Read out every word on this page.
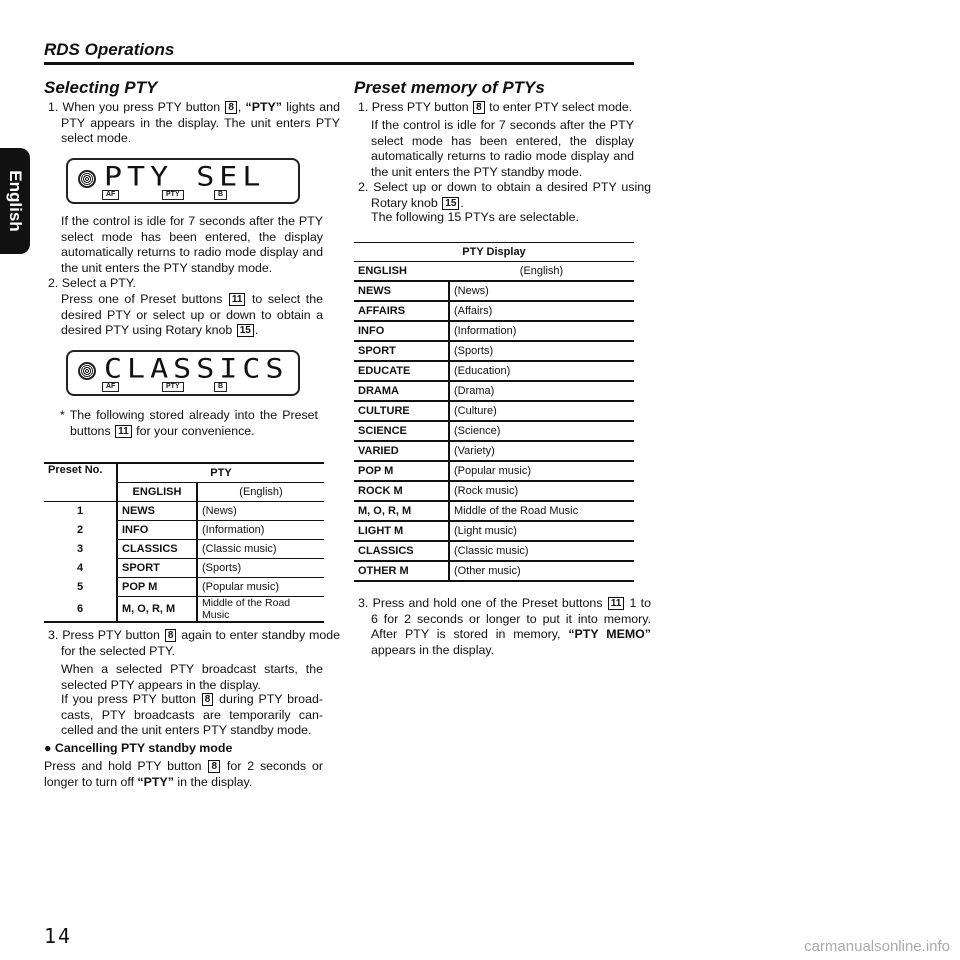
RDS Operations
English
Selecting PTY
1. When you press PTY button 8 , “PTY” lights and PTY appears in the display. The unit enters PTY select mode.
PTY SEL
AF	PTY	B
If the control is idle for 7 seconds after the PTY select mode has been entered, the display automatically returns to radio mode display and the unit enters the PTY standby mode.
2. Select a PTY.
Press one of Preset buttons 11 to select the desired PTY or select up or down to obtain a desired PTY using Rotary knob 15 .
CLASSICS
AF	PTY	B
* The following stored already into the Preset buttons 11 for your convenience.
Preset No.	PTY	
	ENGLISH	(English)
1	NEWS	(News)
2	INFO	(Information)
3	CLASSICS	(Classic music)
4	SPORT	(Sports)
5	POP M	(Popular music)
6	M, O, R, M	Middle of the Road Music
3. Press PTY button 8 again to enter standby mode for the selected PTY.
When a selected PTY broadcast starts, the selected PTY appears in the display.
If you press PTY button 8 during PTY broad-casts, PTY broadcasts are temporarily can-celled and the unit enters PTY standby mode.
● Cancelling PTY standby mode
Press and hold PTY button 8 for 2 seconds or longer to turn off “PTY” in the display.
Preset memory of PTYs
1. Press PTY button 8 to enter PTY select mode.
If the control is idle for 7 seconds after the PTY select mode has been entered, the display automatically returns to radio mode display and the unit enters the PTY standby mode.
2. Select up or down to obtain a desired PTY using Rotary knob 15 .
The following 15 PTYs are selectable.
PTY Display	
ENGLISH	(English)
NEWS	(News)
AFFAIRS	(Affairs)
INFO	(Information)
SPORT	(Sports)
EDUCATE	(Education)
DRAMA	(Drama)
CULTURE	(Culture)
SCIENCE	(Science)
VARIED	(Variety)
POP M	(Popular music)
ROCK M	(Rock music)
M, O, R, M	Middle of the Road Music
LIGHT M	(Light music)
CLASSICS	(Classic music)
OTHER M	(Other music)
3. Press and hold one of the Preset buttons 11 1 to 6 for 2 seconds or longer to put it into memory. After PTY is stored in memory, “PTY MEMO” appears in the display.
14	carmanualsonline.info
